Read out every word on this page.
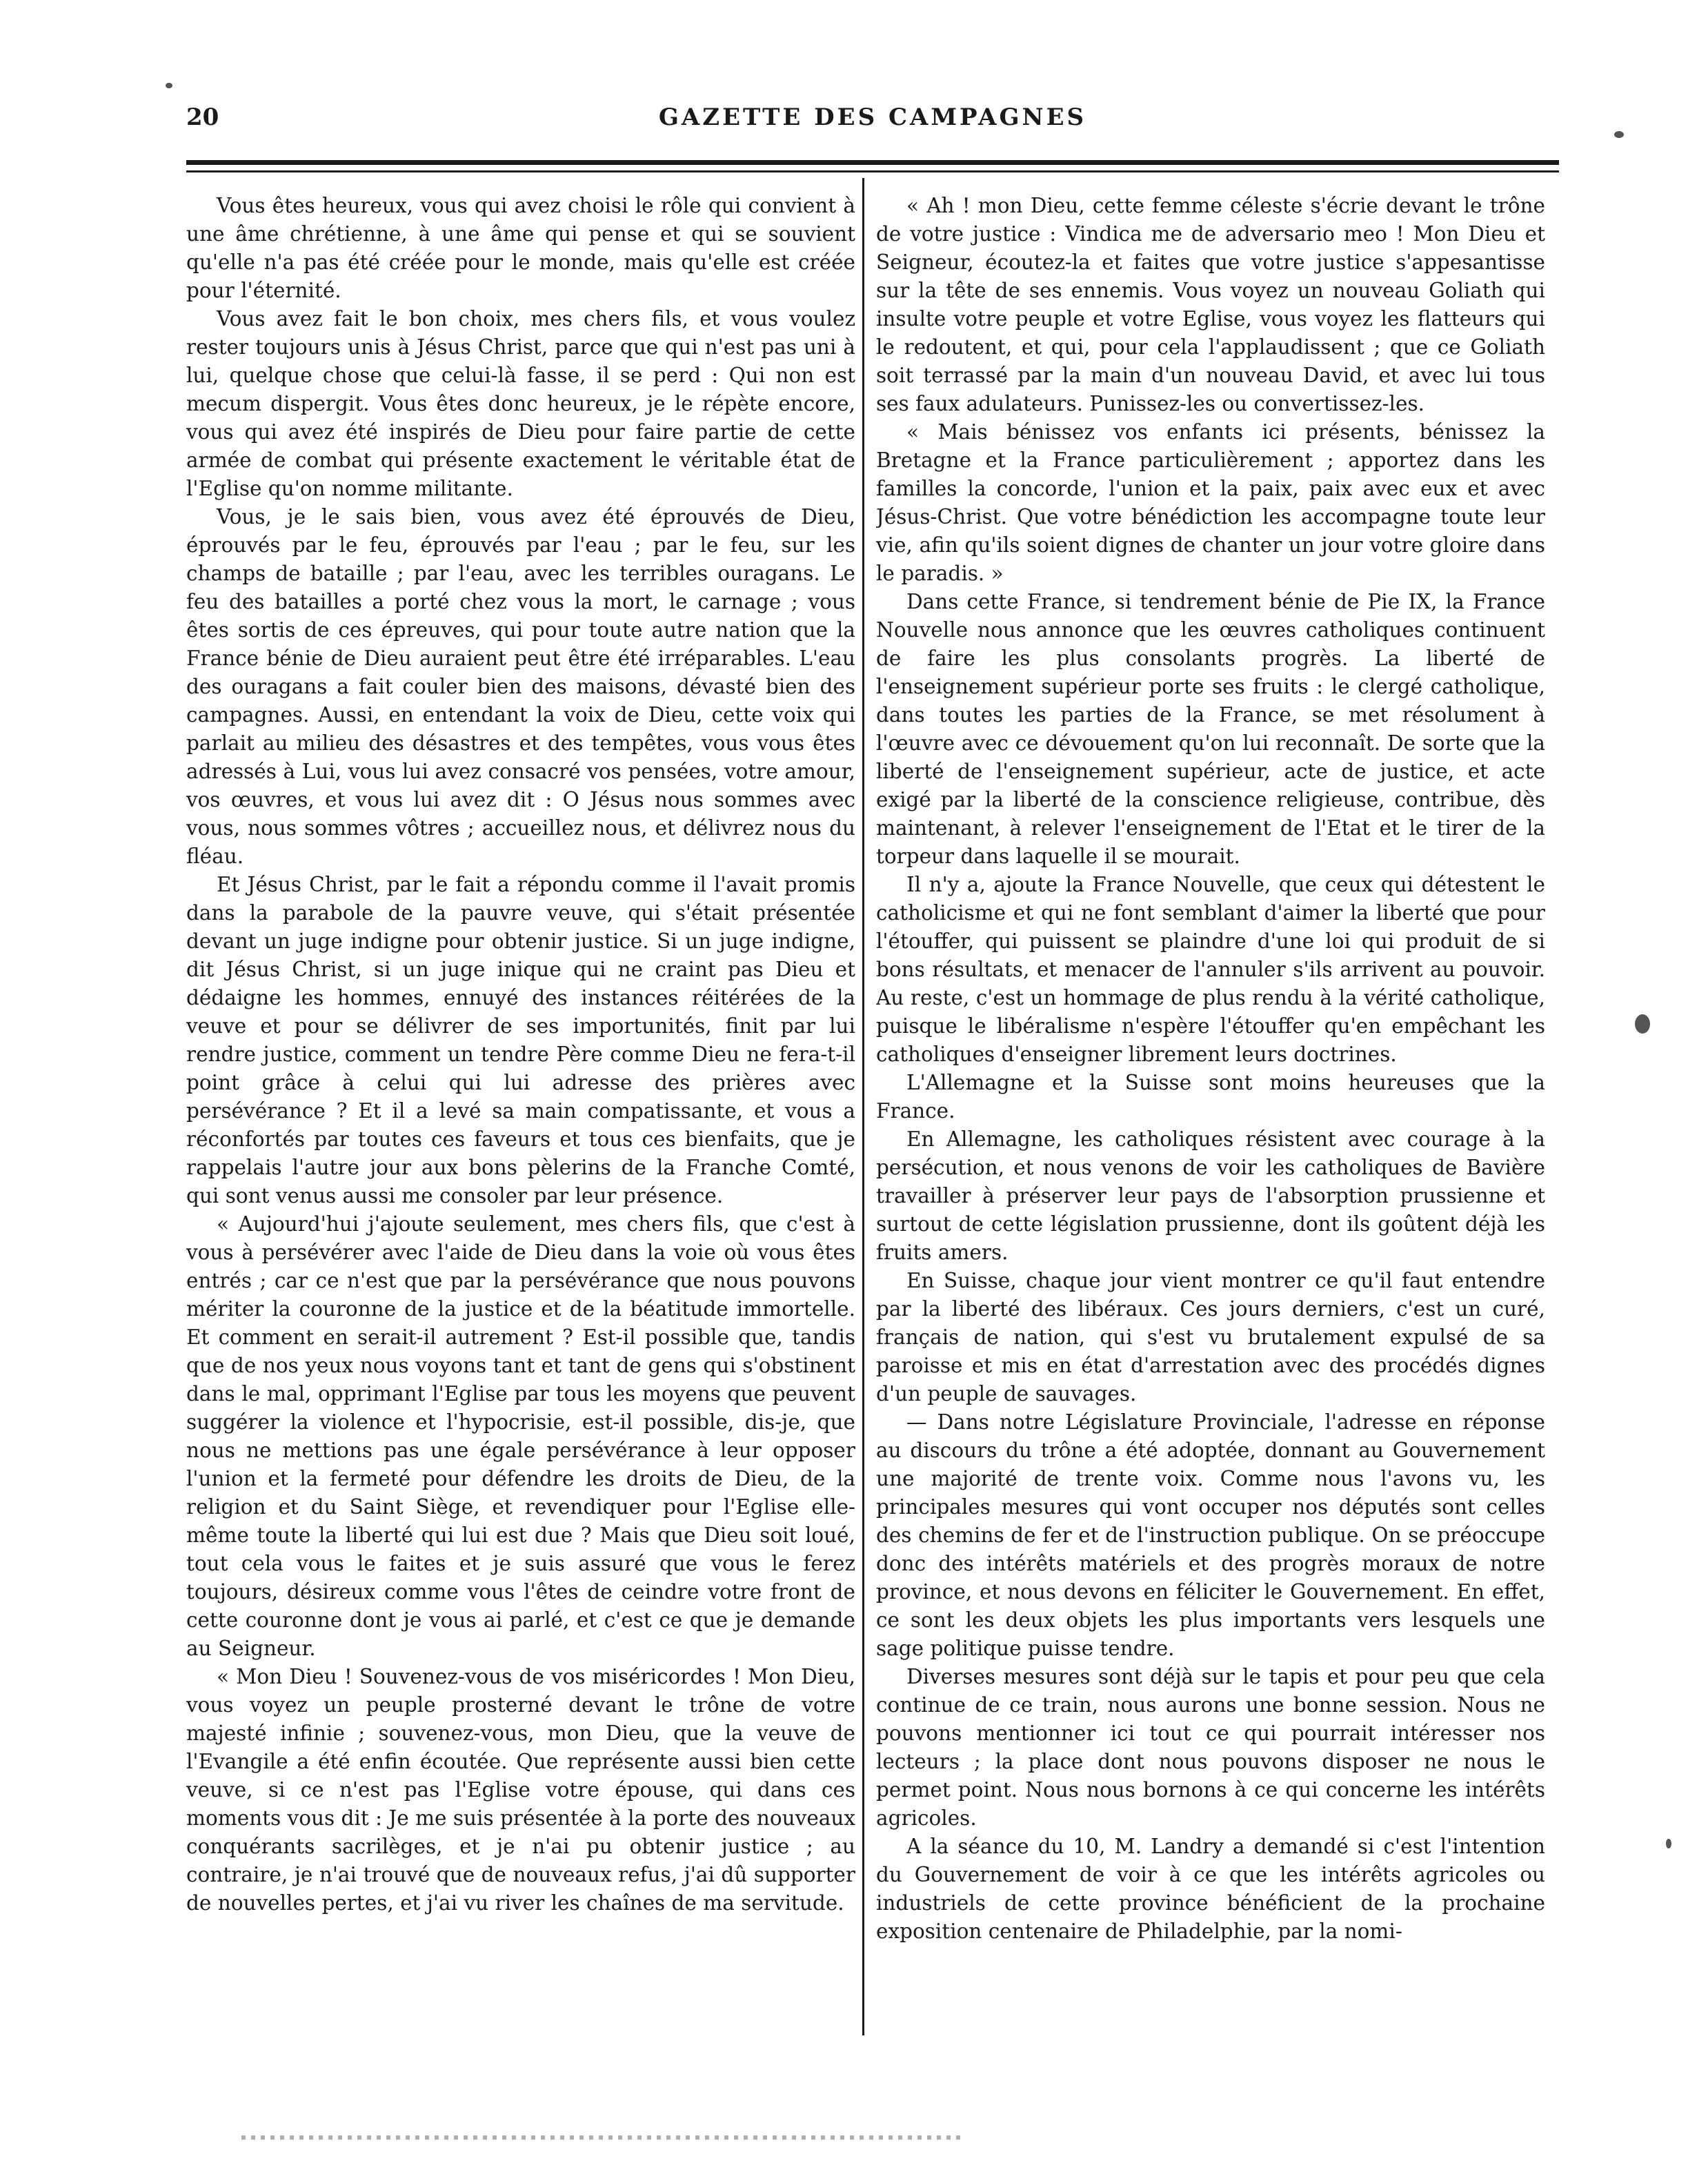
20	GAZETTE DES CAMPAGNES

Vous êtes heureux, vous qui avez choisi le rôle qui convient à une âme chrétienne, à une âme qui pense et qui se souvient qu'elle n'a pas été créée pour le monde, mais qu'elle est créée pour l'éternité.

Vous avez fait le bon choix, mes chers fils, et vous voulez rester toujours unis à Jésus Christ, parce que qui n'est pas uni à lui, quelque chose que celui-là fasse, il se perd : Qui non est mecum dispergit. Vous êtes donc heureux, je le répète encore, vous qui avez été inspirés de Dieu pour faire partie de cette armée de combat qui présente exactement le véritable état de l'Eglise qu'on nomme militante.

Vous, je le sais bien, vous avez été éprouvés de Dieu, éprouvés par le feu, éprouvés par l'eau ; par le feu, sur les champs de bataille ; par l'eau, avec les terribles ouragans. Le feu des batailles a porté chez vous la mort, le carnage ; vous êtes sortis de ces épreuves, qui pour toute autre nation que la France bénie de Dieu auraient peut être été irréparables. L'eau des ouragans a fait couler bien des maisons, dévasté bien des campagnes. Aussi, en entendant la voix de Dieu, cette voix qui parlait au milieu des désastres et des tempêtes, vous vous êtes adressés à Lui, vous lui avez consacré vos pensées, votre amour, vos œuvres, et vous lui avez dit : O Jésus nous sommes avec vous, nous sommes vôtres ; accueillez nous, et délivrez nous du fléau.

Et Jésus Christ, par le fait a répondu comme il l'avait promis dans la parabole de la pauvre veuve, qui s'était présentée devant un juge indigne pour obtenir justice. Si un juge indigne, dit Jésus Christ, si un juge inique qui ne craint pas Dieu et dédaigne les hommes, ennuyé des instances réitérées de la veuve et pour se délivrer de ses importunités, finit par lui rendre justice, comment un tendre Père comme Dieu ne fera-t-il point grâce à celui qui lui adresse des prières avec persévérance ? Et il a levé sa main compatissante, et vous a réconfortés par toutes ces faveurs et tous ces bienfaits, que je rappelais l'autre jour aux bons pèlerins de la Franche Comté, qui sont venus aussi me consoler par leur présence.

« Aujourd'hui j'ajoute seulement, mes chers fils, que c'est à vous à persévérer avec l'aide de Dieu dans la voie où vous êtes entrés ; car ce n'est que par la persévérance que nous pouvons mériter la couronne de la justice et de la béatitude immortelle. Et comment en serait-il autrement ? Est-il possible que, tandis que de nos yeux nous voyons tant et tant de gens qui s'obstinent dans le mal, opprimant l'Eglise par tous les moyens que peuvent suggérer la violence et l'hypocrisie, est-il possible, dis-je, que nous ne mettions pas une égale persévérance à leur opposer l'union et la fermeté pour défendre les droits de Dieu, de la religion et du Saint Siège, et revendiquer pour l'Eglise elle-même toute la liberté qui lui est due ? Mais que Dieu soit loué, tout cela vous le faites et je suis assuré que vous le ferez toujours, désireux comme vous l'êtes de ceindre votre front de cette couronne dont je vous ai parlé, et c'est ce que je demande au Seigneur.

« Mon Dieu ! Souvenez-vous de vos miséricordes ! Mon Dieu, vous voyez un peuple prosterné devant le trône de votre majesté infinie ; souvenez-vous, mon Dieu, que la veuve de l'Evangile a été enfin écoutée. Que représente aussi bien cette veuve, si ce n'est pas l'Eglise votre épouse, qui dans ces moments vous dit : Je me suis présentée à la porte des nouveaux conquérants sacrilèges, et je n'ai pu obtenir justice ; au contraire, je n'ai trouvé que de nouveaux refus, j'ai dû supporter de nouvelles pertes, et j'ai vu river les chaînes de ma servitude.

« Ah ! mon Dieu, cette femme céleste s'écrie devant le trône de votre justice : Vindica me de adversario meo ! Mon Dieu et Seigneur, écoutez-la et faites que votre justice s'appesantisse sur la tête de ses ennemis. Vous voyez un nouveau Goliath qui insulte votre peuple et votre Eglise, vous voyez les flatteurs qui le redoutent, et qui, pour cela l'applaudissent ; que ce Goliath soit terrassé par la main d'un nouveau David, et avec lui tous ses faux adulateurs. Punissez-les ou convertissez-les.

« Mais bénissez vos enfants ici présents, bénissez la Bretagne et la France particulièrement ; apportez dans les familles la concorde, l'union et la paix, paix avec eux et avec Jésus-Christ. Que votre bénédiction les accompagne toute leur vie, afin qu'ils soient dignes de chanter un jour votre gloire dans le paradis. »

Dans cette France, si tendrement bénie de Pie IX, la France Nouvelle nous annonce que les œuvres catholiques continuent de faire les plus consolants progrès. La liberté de l'enseignement supérieur porte ses fruits : le clergé catholique, dans toutes les parties de la France, se met résolument à l'œuvre avec ce dévouement qu'on lui reconnaît. De sorte que la liberté de l'enseignement supérieur, acte de justice, et acte exigé par la liberté de la conscience religieuse, contribue, dès maintenant, à relever l'enseignement de l'Etat et le tirer de la torpeur dans laquelle il se mourait.

Il n'y a, ajoute la France Nouvelle, que ceux qui détestent le catholicisme et qui ne font semblant d'aimer la liberté que pour l'étouffer, qui puissent se plaindre d'une loi qui produit de si bons résultats, et menacer de l'annuler s'ils arrivent au pouvoir. Au reste, c'est un hommage de plus rendu à la vérité catholique, puisque le libéralisme n'espère l'étouffer qu'en empêchant les catholiques d'enseigner librement leurs doctrines.

L'Allemagne et la Suisse sont moins heureuses que la France.

En Allemagne, les catholiques résistent avec courage à la persécution, et nous venons de voir les catholiques de Bavière travailler à préserver leur pays de l'absorption prussienne et surtout de cette législation prussienne, dont ils goûtent déjà les fruits amers.

En Suisse, chaque jour vient montrer ce qu'il faut entendre par la liberté des libéraux. Ces jours derniers, c'est un curé, français de nation, qui s'est vu brutalement expulsé de sa paroisse et mis en état d'arrestation avec des procédés dignes d'un peuple de sauvages.

— Dans notre Législature Provinciale, l'adresse en réponse au discours du trône a été adoptée, donnant au Gouvernement une majorité de trente voix. Comme nous l'avons vu, les principales mesures qui vont occuper nos députés sont celles des chemins de fer et de l'instruction publique. On se préoccupe donc des intérêts matériels et des progrès moraux de notre province, et nous devons en féliciter le Gouvernement. En effet, ce sont les deux objets les plus importants vers lesquels une sage politique puisse tendre.

Diverses mesures sont déjà sur le tapis et pour peu que cela continue de ce train, nous aurons une bonne session. Nous ne pouvons mentionner ici tout ce qui pourrait intéresser nos lecteurs ; la place dont nous pouvons disposer ne nous le permet point. Nous nous bornons à ce qui concerne les intérêts agricoles.

A la séance du 10, M. Landry a demandé si c'est l'intention du Gouvernement de voir à ce que les intérêts agricoles ou industriels de cette province bénéficient de la prochaine exposition centenaire de Philadelphie, par la nomi-
